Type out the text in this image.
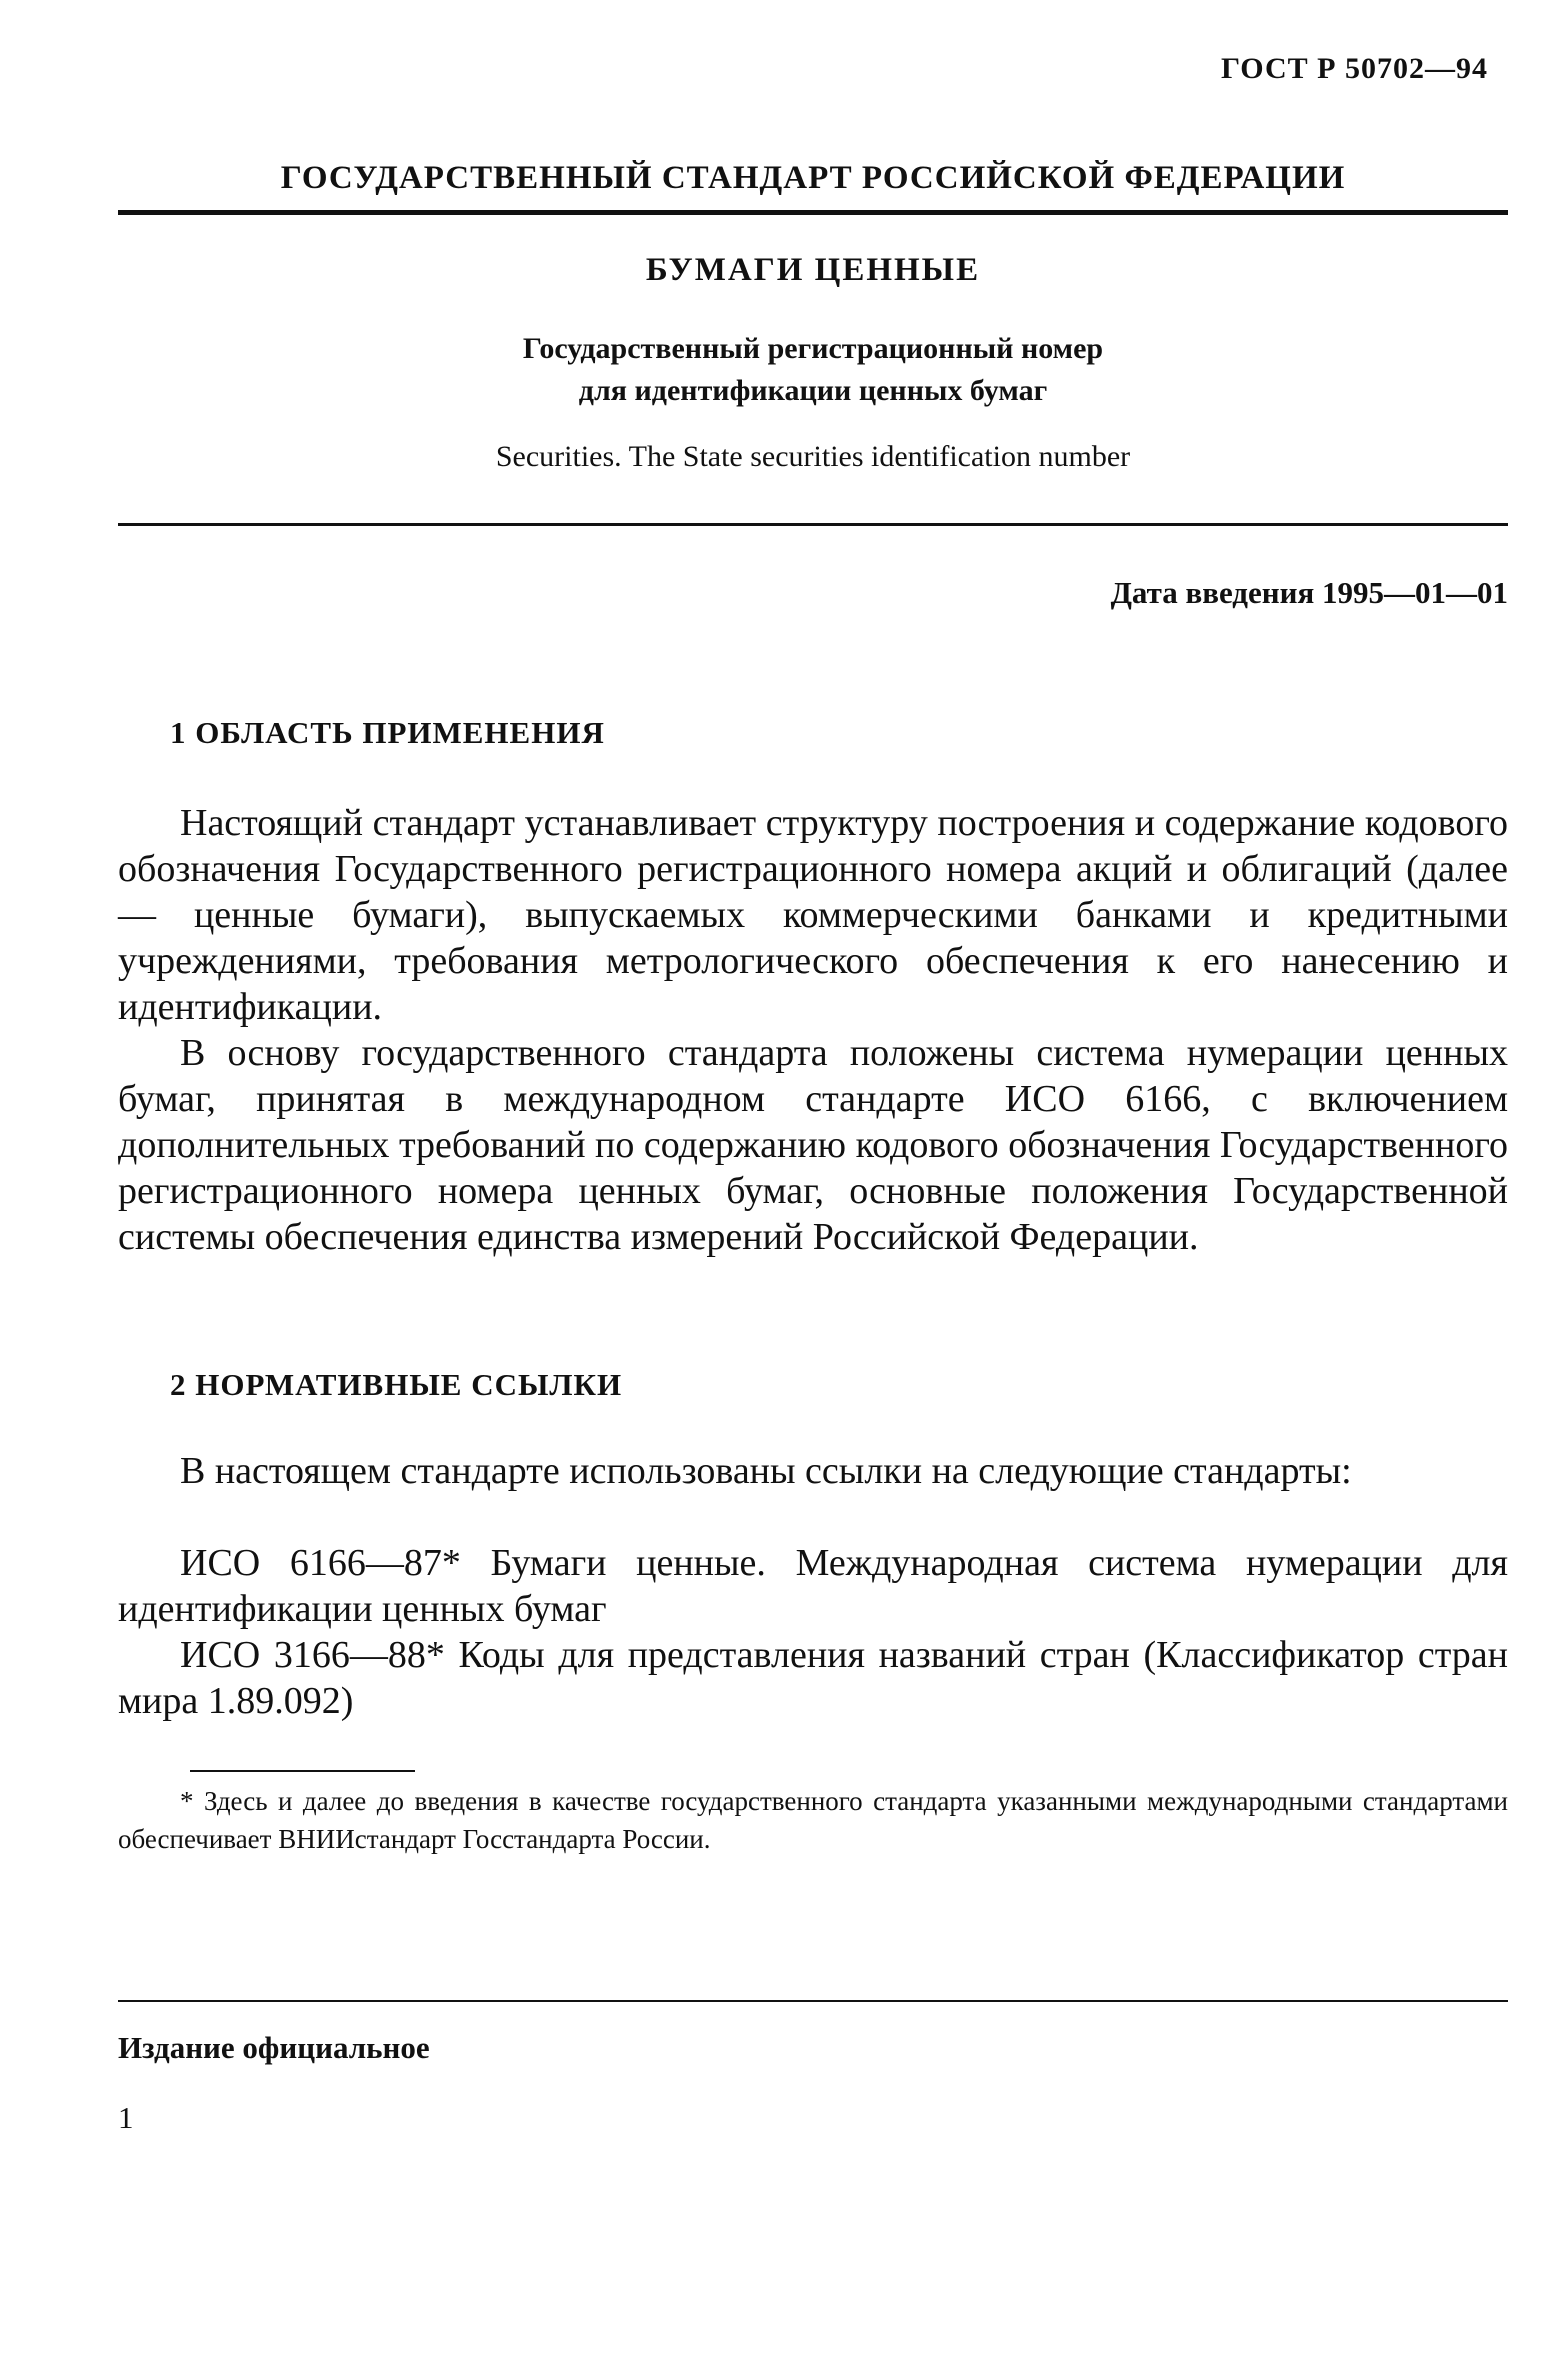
ГОСТ Р 50702—94
ГОСУДАРСТВЕННЫЙ СТАНДАРТ РОССИЙСКОЙ ФЕДЕРАЦИИ
БУМАГИ ЦЕННЫЕ
Государственный регистрационный номер
для идентификации ценных бумаг
Securities. The State securities identification number
Дата введения 1995—01—01
1 ОБЛАСТЬ ПРИМЕНЕНИЯ

Настоящий стандарт устанавливает структуру построения и содержание кодового обозначения Государственного регистрационного номера акций и облигаций (далее — ценные бумаги), выпускаемых коммерческими банками и кредитными учреждениями, требования метрологического обеспечения к его нанесению и идентификации.

В основу государственного стандарта положены система нумерации ценных бумаг, принятая в международном стандарте ИСО 6166, с включением дополнительных требований по содержанию кодового обозначения Государственного регистрационного номера ценных бумаг, основные положения Государственной системы обеспечения единства измерений Российской Федерации.

2 НОРМАТИВНЫЕ ССЫЛКИ

В настоящем стандарте использованы ссылки на следующие стандарты:

ИСО 6166—87* Бумаги ценные. Международная система нумерации для идентификации ценных бумаг

ИСО 3166—88* Коды для представления названий стран (Классификатор стран мира 1.89.092)

* Здесь и далее до введения в качестве государственного стандарта указанными международными стандартами обеспечивает ВНИИстандарт Госстандарта России.

Издание официальное
1
